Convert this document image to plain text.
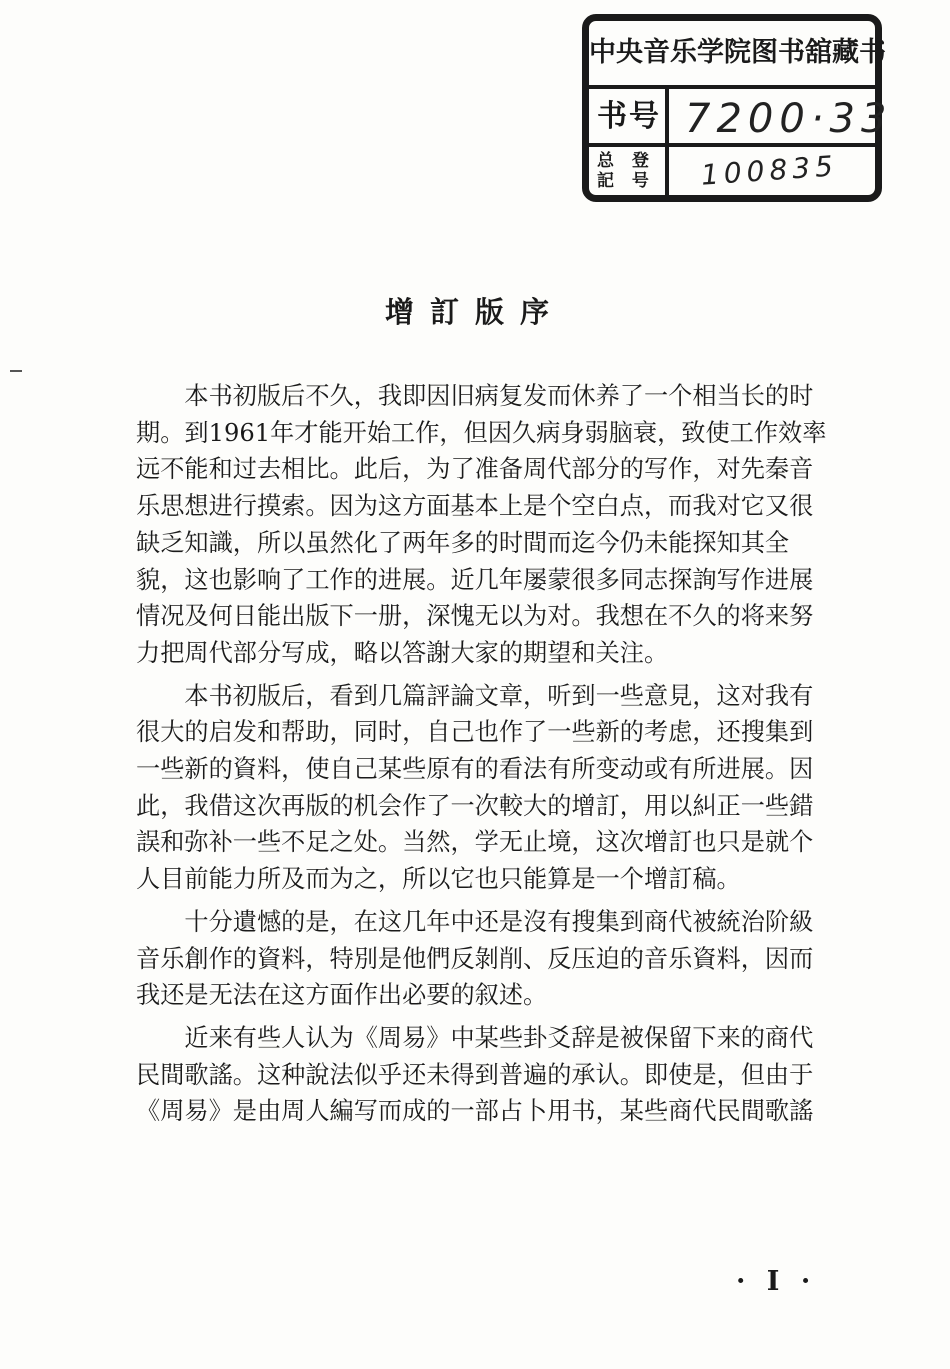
中央音乐学院图书舘藏书
书号 7200·33
总 登 記 号 100835
增訂版序

本书初版后不久，我即因旧病复发而休养了一个相当长的时
期。到1961年才能开始工作，但因久病身弱脑衰，致使工作效率
远不能和过去相比。此后，为了准备周代部分的写作，对先秦音
乐思想进行摸索。因为这方面基本上是个空白点，而我对它又很
缺乏知識，所以虽然化了两年多的时間而迄今仍未能探知其全
貌，这也影响了工作的进展。近几年屡蒙很多同志探詢写作进展
情况及何日能出版下一册，深愧无以为对。我想在不久的将来努
力把周代部分写成，略以答謝大家的期望和关注。

本书初版后，看到几篇評論文章，听到一些意見，这对我有
很大的启发和帮助，同时，自己也作了一些新的考虑，还搜集到
一些新的資料，使自己某些原有的看法有所变动或有所进展。因
此，我借这次再版的机会作了一次較大的增訂，用以糾正一些錯
誤和弥补一些不足之处。当然，学无止境，这次增訂也只是就个
人目前能力所及而为之，所以它也只能算是一个增訂稿。

十分遺憾的是，在这几年中还是沒有搜集到商代被統治阶級
音乐創作的資料，特別是他們反剝削、反压迫的音乐資料，因而
我还是无法在这方面作出必要的叙述。

近来有些人认为《周易》中某些卦爻辞是被保留下来的商代
民間歌謠。这种說法似乎还未得到普遍的承认。即使是，但由于
《周易》是由周人編写而成的一部占卜用书，某些商代民間歌謠

· I ·
